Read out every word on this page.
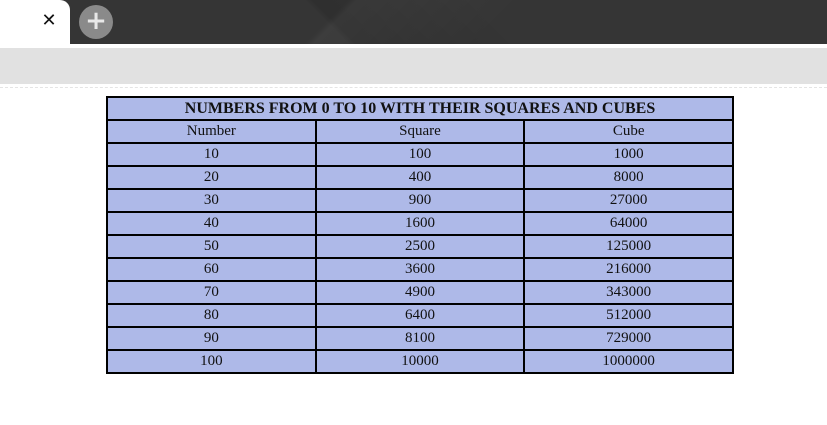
✕ +
NUMBERS FROM 0 TO 10 WITH THEIR SQUARES AND CUBES		
Number	Square	Cube
10	100	1000
20	400	8000
30	900	27000
40	1600	64000
50	2500	125000
60	3600	216000
70	4900	343000
80	6400	512000
90	8100	729000
100	10000	1000000
